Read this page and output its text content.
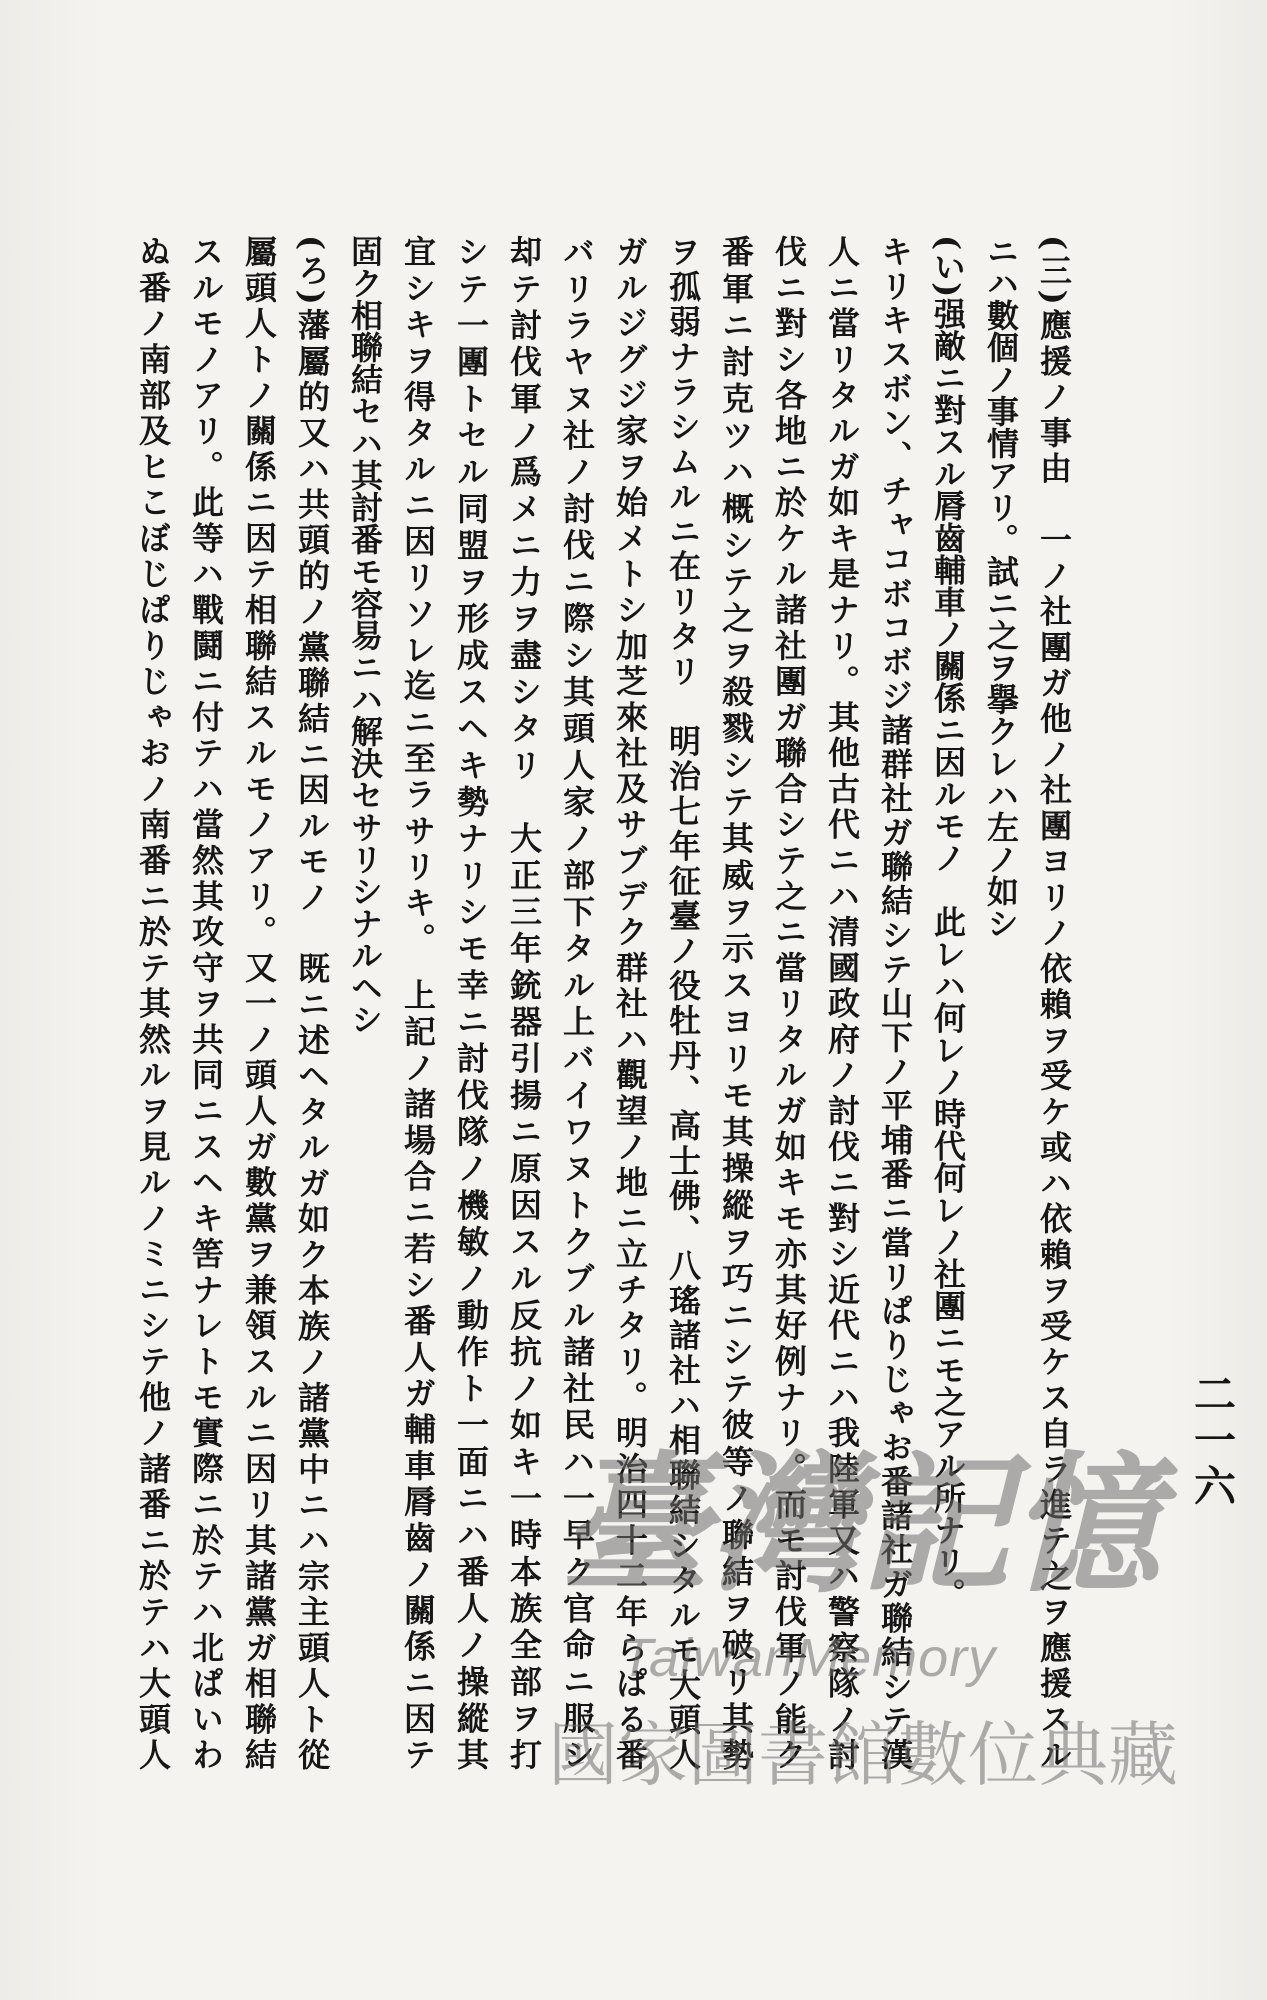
二一六
(三)應援ノ事由　一ノ社團ガ他ノ社團ヨリノ依賴ヲ受ケ或ハ依賴ヲ受ケス自ラ進テ之ヲ應援スル
ニハ數個ノ事情アリ。試ニ之ヲ擧クレハ左ノ如シ
(い)强敵ニ對スル脣齒輔車ノ關係ニ因ルモノ　此レハ何レノ時代何レノ社團ニモ之アル所ナリ。
キリキスボン、チャコボコボジ諸群社ガ聯結シテ山下ノ平埔番ニ當リぱりじゃお番諸社ガ聯結シテ漢
人ニ當リタルガ如キ是ナリ。其他古代ニハ清國政府ノ討伐ニ對シ近代ニハ我陸軍又ハ警察隊ノ討
伐ニ對シ各地ニ於ケル諸社團ガ聯合シテ之ニ當リタルガ如キモ亦其好例ナリ。而モ討伐軍ノ能ク
番軍ニ討克ツハ概シテ之ヲ殺戮シテ其威ヲ示スヨリモ其操縱ヲ巧ニシテ彼等ノ聯結ヲ破リ其勢
ヲ孤弱ナラシムルニ在リタリ　明治七年征臺ノ役牡丹、高士佛、八瑤諸社ハ相聯結シタルモ大頭人
ガルジグジ家ヲ始メトシ加芝來社及サブデク群社ハ觀望ノ地ニ立チタリ。明治四十二年らぱる番
バリラヤヌ社ノ討伐ニ際シ其頭人家ノ部下タル上バイワヌトクブル諸社民ハ一早ク官命ニ服シ
却テ討伐軍ノ爲メニ力ヲ盡シタリ　大正三年銃器引揚ニ原因スル反抗ノ如キ一時本族全部ヲ打
シテ一團トセル同盟ヲ形成スヘキ勢ナリシモ幸ニ討伐隊ノ機敏ノ動作ト一面ニハ番人ノ操縱其
宜シキヲ得タルニ因リソレ迄ニ至ラサリキ。　上記ノ諸場合ニ若シ番人ガ輔車脣齒ノ關係ニ因テ
固ク相聯結セハ其討番モ容易ニハ解決セサリシナルヘシ
(ろ)藩屬的又ハ共頭的ノ黨聯結ニ因ルモノ　既ニ述ヘタルガ如ク本族ノ諸黨中ニハ宗主頭人ト從
屬頭人トノ關係ニ因テ相聯結スルモノアリ。又一ノ頭人ガ數黨ヲ兼領スルニ因リ其諸黨ガ相聯結
スルモノアリ。此等ハ戰鬪ニ付テハ當然其攻守ヲ共同ニスヘキ筈ナレトモ實際ニ於テハ北ぱいわ
ぬ番ノ南部及ヒこぼじぱりじゃおノ南番ニ於テ其然ルヲ見ルノミニシテ他ノ諸番ニ於テハ大頭人	臺灣記憶
TaiwanMemory
國家圖書館數位典藏
